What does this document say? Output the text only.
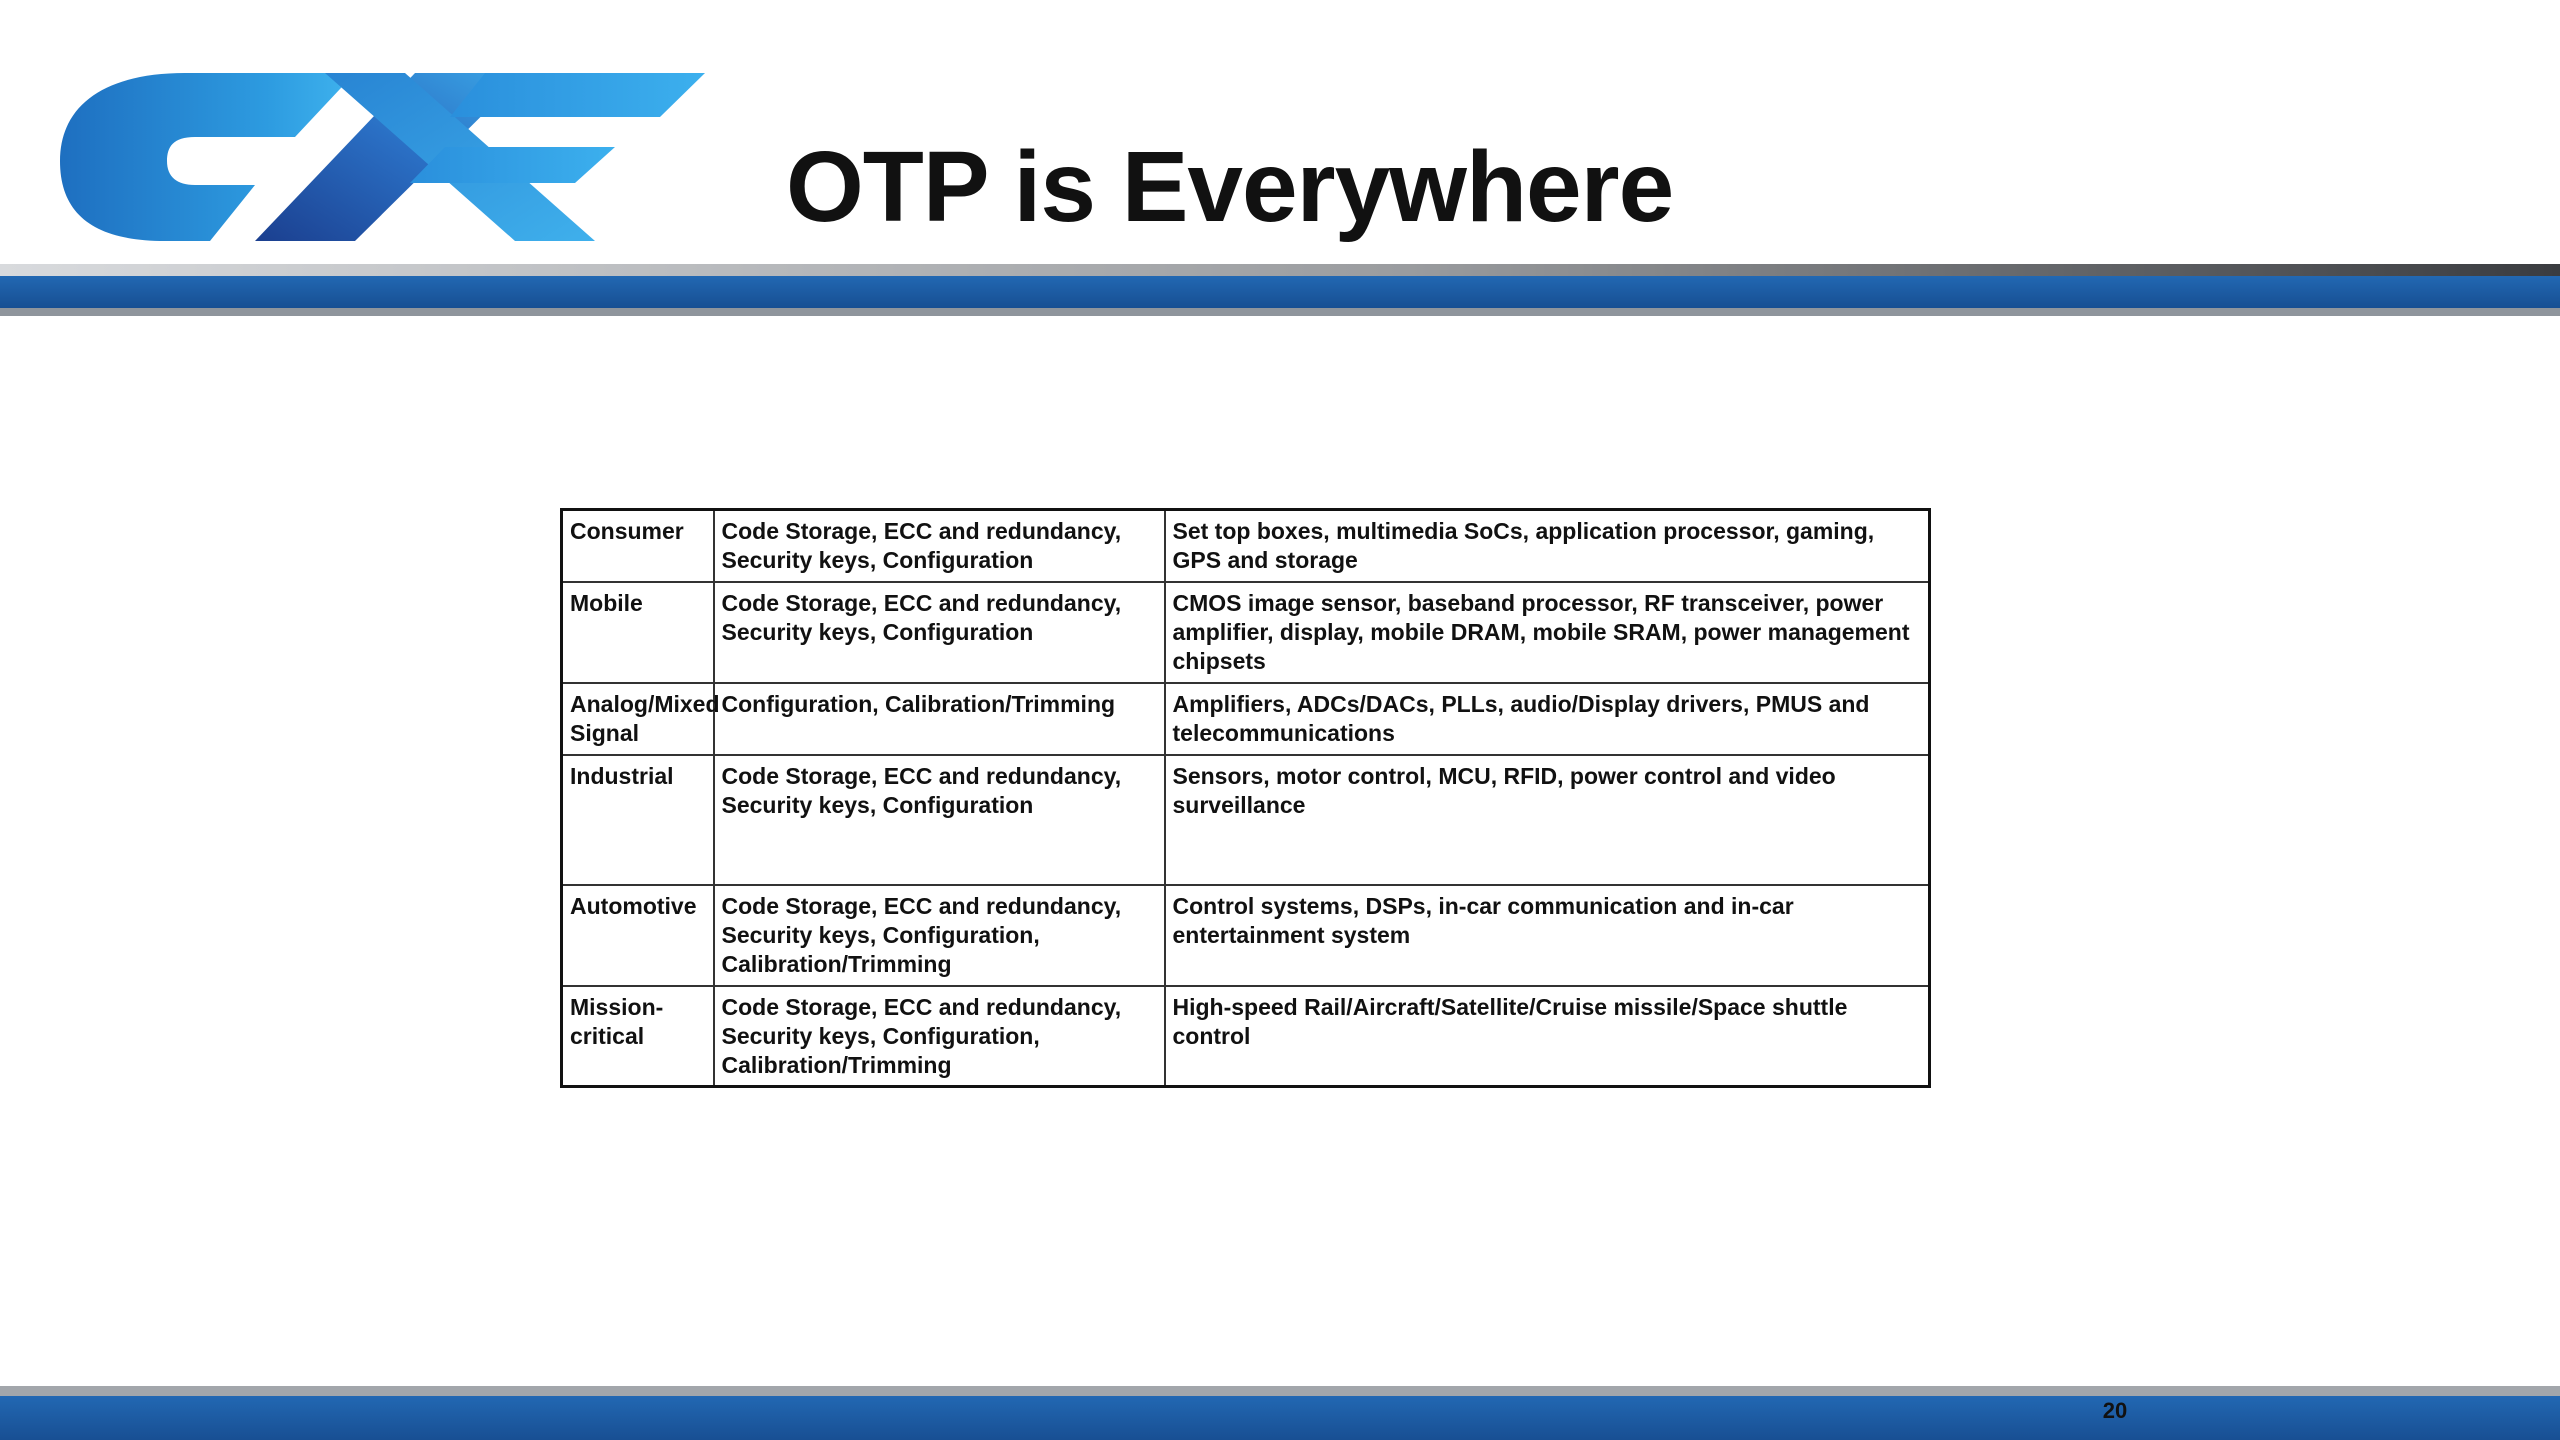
OTP is Everywhere
Consumer	Code Storage, ECC and redundancy, Security keys, Configuration	Set top boxes, multimedia SoCs, application processor, gaming, GPS and storage
Mobile	Code Storage, ECC and redundancy, Security keys, Configuration	CMOS image sensor, baseband processor, RF transceiver, power amplifier, display, mobile DRAM, mobile SRAM, power management chipsets
Analog/Mixed Signal	Configuration, Calibration/Trimming	Amplifiers, ADCs/DACs, PLLs, audio/Display drivers, PMUS and telecommunications
Industrial	Code Storage, ECC and redundancy, Security keys, Configuration	Sensors, motor control, MCU, RFID, power control and video surveillance
Automotive	Code Storage, ECC and redundancy, Security keys, Configuration, Calibration/Trimming	Control systems, DSPs, in-car communication and in-car entertainment system
Mission-critical	Code Storage, ECC and redundancy, Security keys, Configuration, Calibration/Trimming	High-speed Rail/Aircraft/Satellite/Cruise missile/Space shuttle control
20
